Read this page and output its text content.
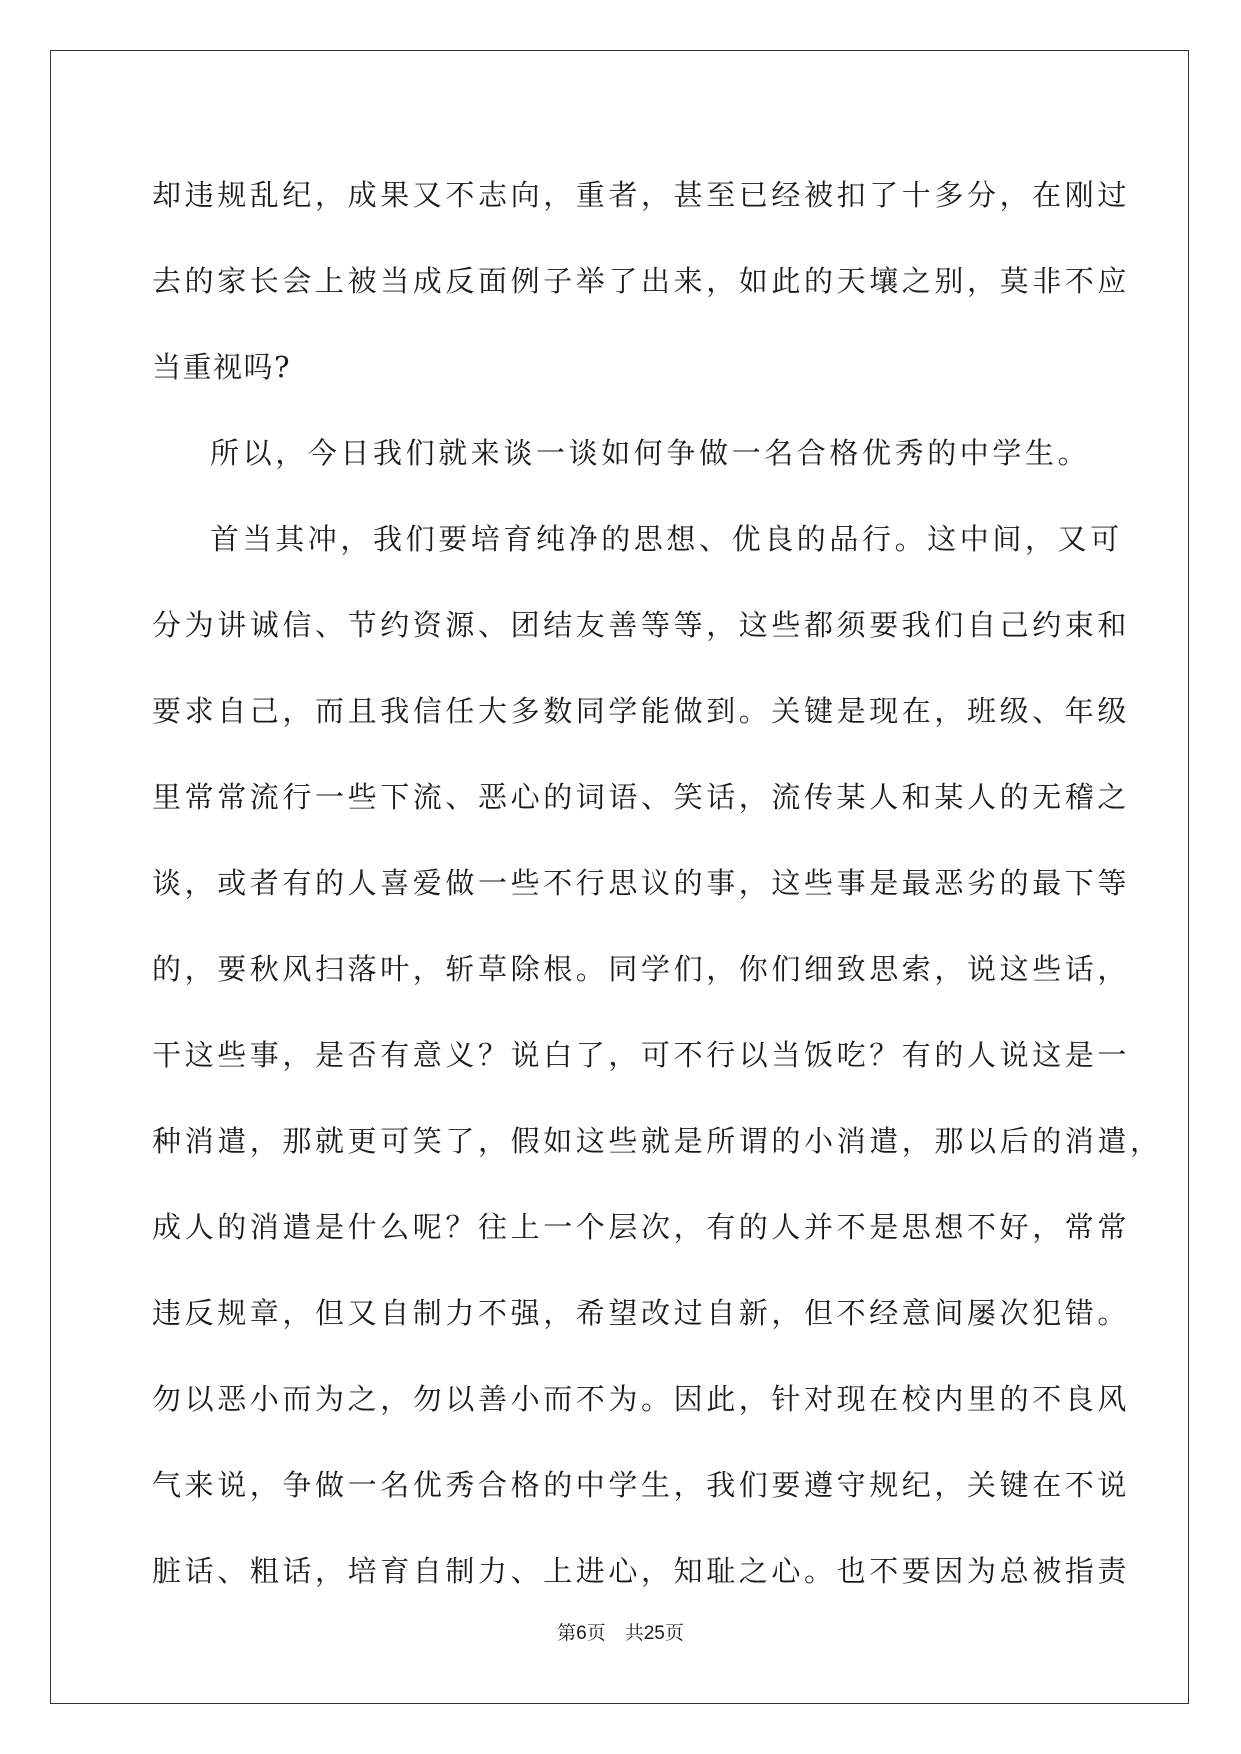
却违规乱纪，成果又不志向，重者，甚至已经被扣了十多分，在刚过
去的家长会上被当成反面例子举了出来，如此的天壤之别，莫非不应
当重视吗?
所以，今日我们就来谈一谈如何争做一名合格优秀的中学生。
首当其冲，我们要培育纯净的思想、优良的品行。这中间，又可
分为讲诚信、节约资源、团结友善等等，这些都须要我们自己约束和
要求自己，而且我信任大多数同学能做到。关键是现在，班级、年级
里常常流行一些下流、恶心的词语、笑话，流传某人和某人的无稽之
谈，或者有的人喜爱做一些不行思议的事，这些事是最恶劣的最下等
的，要秋风扫落叶，斩草除根。同学们，你们细致思索，说这些话，
干这些事，是否有意义？说白了，可不行以当饭吃？有的人说这是一
种消遣，那就更可笑了，假如这些就是所谓的小消遣，那以后的消遣，
成人的消遣是什么呢？往上一个层次，有的人并不是思想不好，常常
违反规章，但又自制力不强，希望改过自新，但不经意间屡次犯错。
勿以恶小而为之，勿以善小而不为。因此，针对现在校内里的不良风
气来说，争做一名优秀合格的中学生，我们要遵守规纪，关键在不说
脏话、粗话，培育自制力、上进心，知耻之心。也不要因为总被指责
第6页　共25页
